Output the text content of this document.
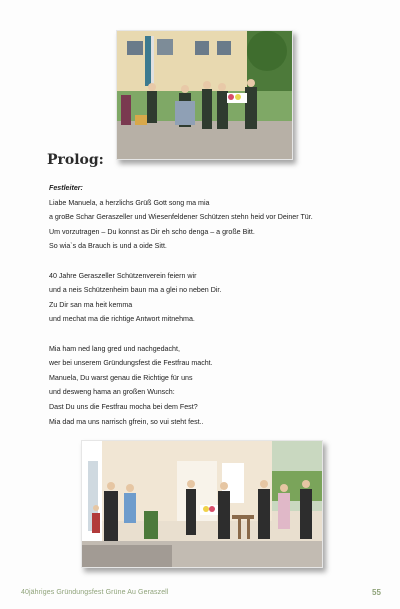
Prolog:
Festleiter:
Liabe Manuela, a herzlichs Grüß Gott song ma mia
a groBe Schar Geraszeller und Wiesenfeldener Schützen stehn heid vor Deiner Tür.
Um vorzutragen – Du konnst as Dir eh scho denga – a große Bitt.
So wia`s da Brauch is und a oide Sitt.
40 Jahre Geraszeller Schützenverein feiern wir
und a neis Schützenheim baun ma a glei no neben Dir.
Zu Dir san ma heit kemma
und mechat ma die richtige Antwort mitnehma.
Mia ham ned lang gred und nachgedacht,
wer bei unserem Gründungsfest die Festfrau macht.
Manuela, Du warst genau die Richtige für uns
und desweng hama an großen Wunsch:
Dast Du uns die Festfrau mocha bei dem Fest?
Mia dad ma uns narrisch gfrein, so vui steht fest..
40jähriges Gründungsfest Grüne Au Geraszell	55
